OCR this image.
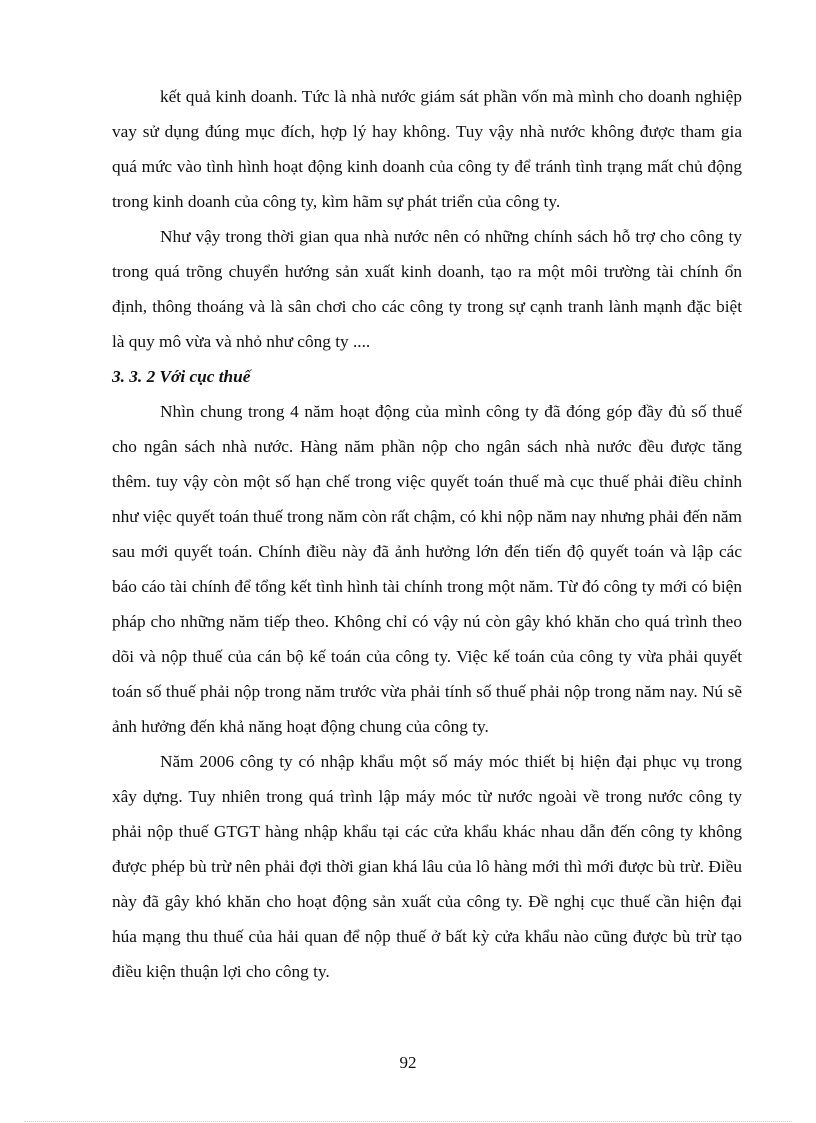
kết quả kinh doanh. Tức là nhà nước giám sát phần vốn mà mình cho doanh nghiệp vay sử dụng đúng mục đích, hợp lý hay không. Tuy vậy nhà nước không được tham gia quá mức vào tình hình hoạt động kinh doanh của công ty để tránh tình trạng mất chủ động trong kinh doanh của công ty, kìm hãm sự phát triển của công ty.

Như vậy trong thời gian qua nhà nước nên có những chính sách hỗ trợ cho công ty trong quá trõng chuyển hướng sản xuất kinh doanh, tạo ra một môi trường tài chính ổn định, thông thoáng và là sân chơi cho các công ty trong sự cạnh tranh lành mạnh đặc biệt là quy mô vừa và nhỏ như công ty ....

3. 3. 2 Với cục thuế

Nhìn chung trong 4 năm hoạt động của mình công ty đã đóng góp đầy đủ số thuế cho ngân sách nhà nước. Hàng năm phần nộp cho ngân sách nhà nước đều được tăng thêm. tuy vậy còn một số hạn chế trong việc quyết toán thuế mà cục thuế phải điều chỉnh như việc quyết toán thuế trong năm còn rất chậm, có khi nộp năm nay nhưng phải đến năm sau mới quyết toán. Chính điều này đã ảnh hưởng lớn đến tiến độ quyết toán và lập các báo cáo tài chính để tổng kết tình hình tài chính trong một năm. Từ đó công ty mới có biện pháp cho những năm tiếp theo. Không chỉ có vậy nú còn gây khó khăn cho quá trình theo dõi và nộp thuế của cán bộ kế toán của công ty. Việc kế toán của công ty vừa phải quyết toán số thuế phải nộp trong năm trước vừa phải tính số thuế phải nộp trong năm nay. Nú sẽ ảnh hưởng đến khả năng hoạt động chung của công ty.

Năm 2006 công ty có nhập khẩu một số máy móc thiết bị hiện đại phục vụ trong xây dựng. Tuy nhiên trong quá trình lập máy móc từ nước ngoài về trong nước công ty phải nộp thuế GTGT hàng nhập khẩu tại các cửa khẩu khác nhau dẫn đến công ty không được phép bù trừ nên phải đợi thời gian khá lâu của lô hàng mới thì mới được bù trừ. Điều này đã gây khó khăn cho hoạt động sản xuất của công ty. Đề nghị cục thuế cần hiện đại húa mạng thu thuế của hải quan để nộp thuế ở bất kỳ cửa khẩu nào cũng được bù trừ tạo điều kiện thuận lợi cho công ty.

92
